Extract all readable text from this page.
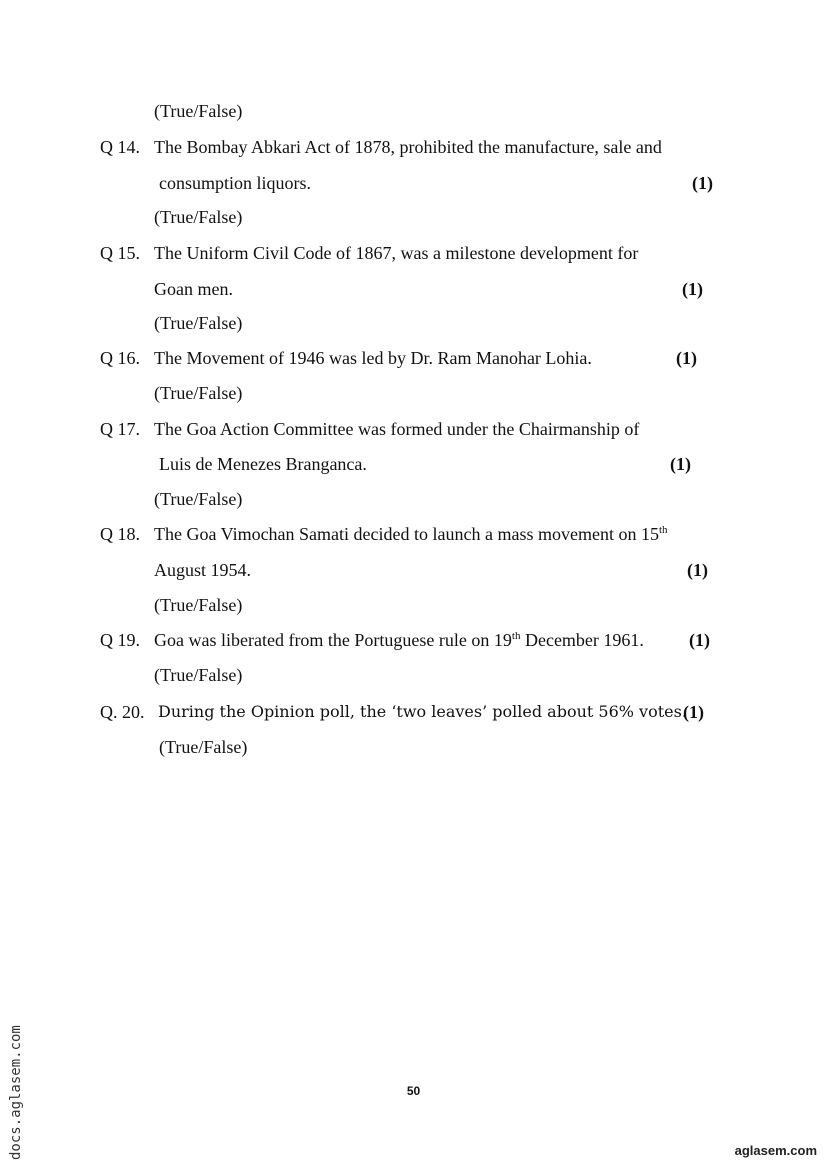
(True/False)
Q 14. The Bombay Abkari Act of 1878, prohibited the manufacture, sale and
consumption liquors.	(1)
(True/False)
Q 15. The Uniform Civil Code of 1867, was a milestone development for
Goan men.	(1)
(True/False)
Q 16. The Movement of 1946 was led by Dr. Ram Manohar Lohia.	(1)
(True/False)
Q 17. The Goa Action Committee was formed under the Chairmanship of
Luis de Menezes Branganca.	(1)
(True/False)
Q 18. The Goa Vimochan Samati decided to launch a mass movement on 15th
August 1954.	(1)
(True/False)
Q 19. Goa was liberated from the Portuguese rule on 19th December 1961.	(1)
(True/False)
Q. 20. During the Opinion poll, the ‘two leaves’ polled about 56% votes.
(1)
(True/False)
50
docs.aglasem.com	aglasem.com
